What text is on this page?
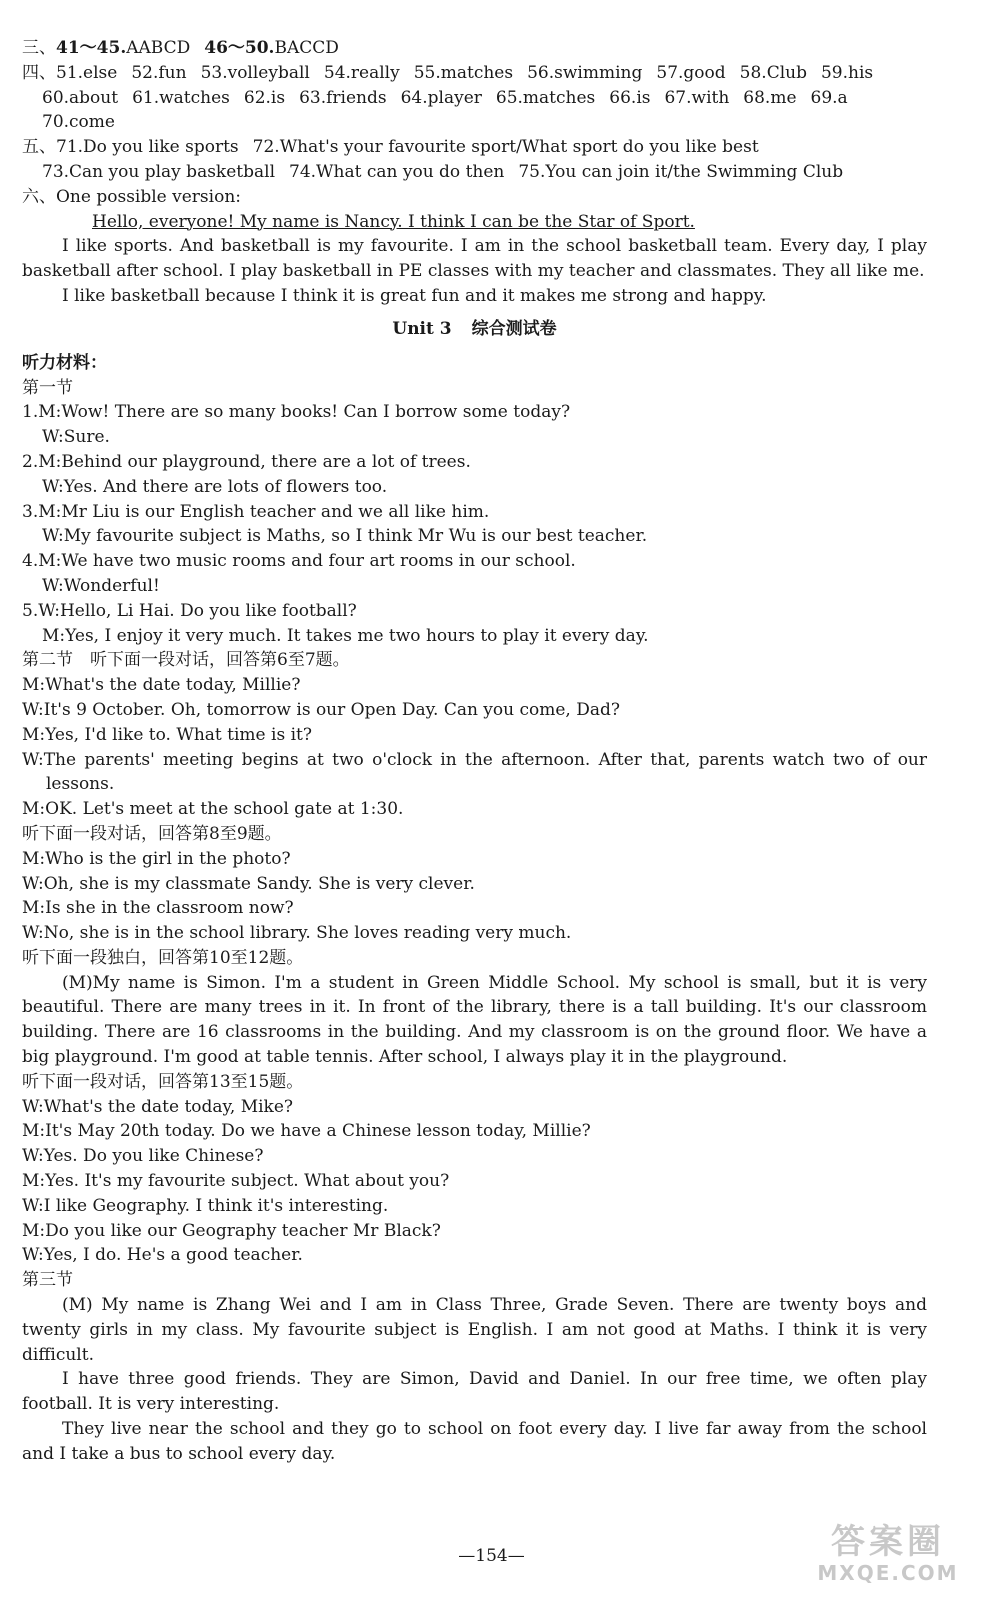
三、41～45.AABCD 46～50.BACCD
四、51.else 52.fun 53.volleyball 54.really 55.matches 56.swimming 57.good 58.Club 59.his
60.about 61.watches 62.is 63.friends 64.player 65.matches 66.is 67.with 68.me 69.a
70.come
五、71.Do you like sports 72.What's your favourite sport/What sport do you like best
73.Can you play basketball 74.What can you do then 75.You can join it/the Swimming Club
六、One possible version:
Hello, everyone! My name is Nancy. I think I can be the Star of Sport.
I like sports. And basketball is my favourite. I am in the school basketball team. Every day, I play basketball after school. I play basketball in PE classes with my teacher and classmates. They all like me.
I like basketball because I think it is great fun and it makes me strong and happy.
Unit 3 综合测试卷
听力材料：
第一节
1.M:Wow! There are so many books! Can I borrow some today?
W:Sure.
2.M:Behind our playground, there are a lot of trees.
W:Yes. And there are lots of flowers too.
3.M:Mr Liu is our English teacher and we all like him.
W:My favourite subject is Maths, so I think Mr Wu is our best teacher.
4.M:We have two music rooms and four art rooms in our school.
W:Wonderful!
5.W:Hello, Li Hai. Do you like football?
M:Yes, I enjoy it very much. It takes me two hours to play it every day.
第二节　听下面一段对话，回答第6至7题。
M:What's the date today, Millie?
W:It's 9 October. Oh, tomorrow is our Open Day. Can you come, Dad?
M:Yes, I'd like to. What time is it?
W:The parents' meeting begins at two o'clock in the afternoon. After that, parents watch two of our lessons.
M:OK. Let's meet at the school gate at 1:30.
听下面一段对话，回答第8至9题。
M:Who is the girl in the photo?
W:Oh, she is my classmate Sandy. She is very clever.
M:Is she in the classroom now?
W:No, she is in the school library. She loves reading very much.
听下面一段独白，回答第10至12题。
(M)My name is Simon. I'm a student in Green Middle School. My school is small, but it is very beautiful. There are many trees in it. In front of the library, there is a tall building. It's our classroom building. There are 16 classrooms in the building. And my classroom is on the ground floor. We have a big playground. I'm good at table tennis. After school, I always play it in the playground.
听下面一段对话，回答第13至15题。
W:What's the date today, Mike?
M:It's May 20th today. Do we have a Chinese lesson today, Millie?
W:Yes. Do you like Chinese?
M:Yes. It's my favourite subject. What about you?
W:I like Geography. I think it's interesting.
M:Do you like our Geography teacher Mr Black?
W:Yes, I do. He's a good teacher.
第三节
(M) My name is Zhang Wei and I am in Class Three, Grade Seven. There are twenty boys and twenty girls in my class. My favourite subject is English. I am not good at Maths. I think it is very difficult.
I have three good friends. They are Simon, David and Daniel. In our free time, we often play football. It is very interesting.
They live near the school and they go to school on foot every day. I live far away from the school and I take a bus to school every day.
—154—	答案圈
MXQE.COM
